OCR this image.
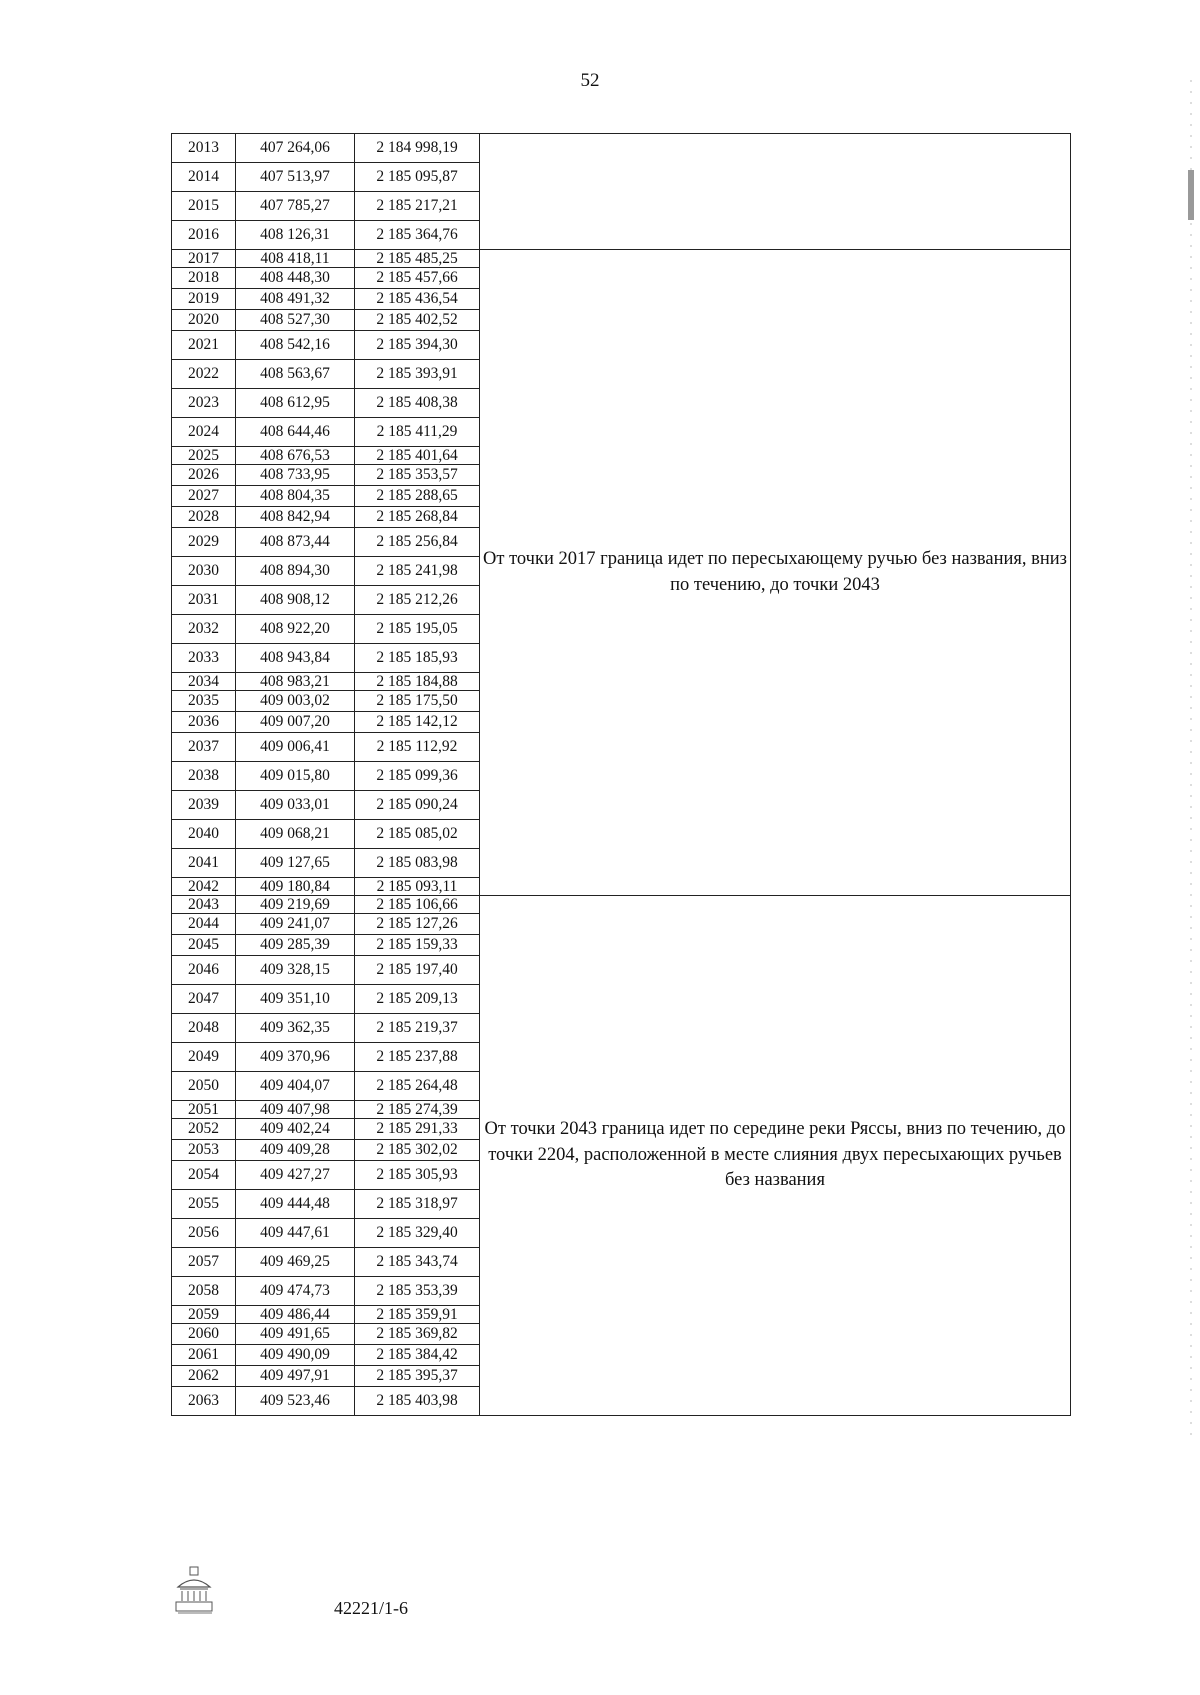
52
2013	407 264,06	2 184 998,19	
2014	407 513,97	2 185 095,87	
2015	407 785,27	2 185 217,21	
2016	408 126,31	2 185 364,76	
2017	408 418,11	2 185 485,25	От точки 2017 граница идет по пересыхающему ручью без названия, вниз по течению, до точки 2043
2018	408 448,30	2 185 457,66	
2019	408 491,32	2 185 436,54	
2020	408 527,30	2 185 402,52	
2021	408 542,16	2 185 394,30	
2022	408 563,67	2 185 393,91	
2023	408 612,95	2 185 408,38	
2024	408 644,46	2 185 411,29	
2025	408 676,53	2 185 401,64	
2026	408 733,95	2 185 353,57	
2027	408 804,35	2 185 288,65	
2028	408 842,94	2 185 268,84	
2029	408 873,44	2 185 256,84	
2030	408 894,30	2 185 241,98	
2031	408 908,12	2 185 212,26	
2032	408 922,20	2 185 195,05	
2033	408 943,84	2 185 185,93	
2034	408 983,21	2 185 184,88	
2035	409 003,02	2 185 175,50	
2036	409 007,20	2 185 142,12	
2037	409 006,41	2 185 112,92	
2038	409 015,80	2 185 099,36	
2039	409 033,01	2 185 090,24	
2040	409 068,21	2 185 085,02	
2041	409 127,65	2 185 083,98	
2042	409 180,84	2 185 093,11	
2043	409 219,69	2 185 106,66	От точки 2043 граница идет по середине реки Ряссы, вниз по течению, до точки 2204, расположенной в месте слияния двух пересыхающих ручьев без названия
2044	409 241,07	2 185 127,26	
2045	409 285,39	2 185 159,33	
2046	409 328,15	2 185 197,40	
2047	409 351,10	2 185 209,13	
2048	409 362,35	2 185 219,37	
2049	409 370,96	2 185 237,88	
2050	409 404,07	2 185 264,48	
2051	409 407,98	2 185 274,39	
2052	409 402,24	2 185 291,33	
2053	409 409,28	2 185 302,02	
2054	409 427,27	2 185 305,93	
2055	409 444,48	2 185 318,97	
2056	409 447,61	2 185 329,40	
2057	409 469,25	2 185 343,74	
2058	409 474,73	2 185 353,39	
2059	409 486,44	2 185 359,91	
2060	409 491,65	2 185 369,82	
2061	409 490,09	2 185 384,42	
2062	409 497,91	2 185 395,37	
2063	409 523,46	2 185 403,98	
42221/1-6
